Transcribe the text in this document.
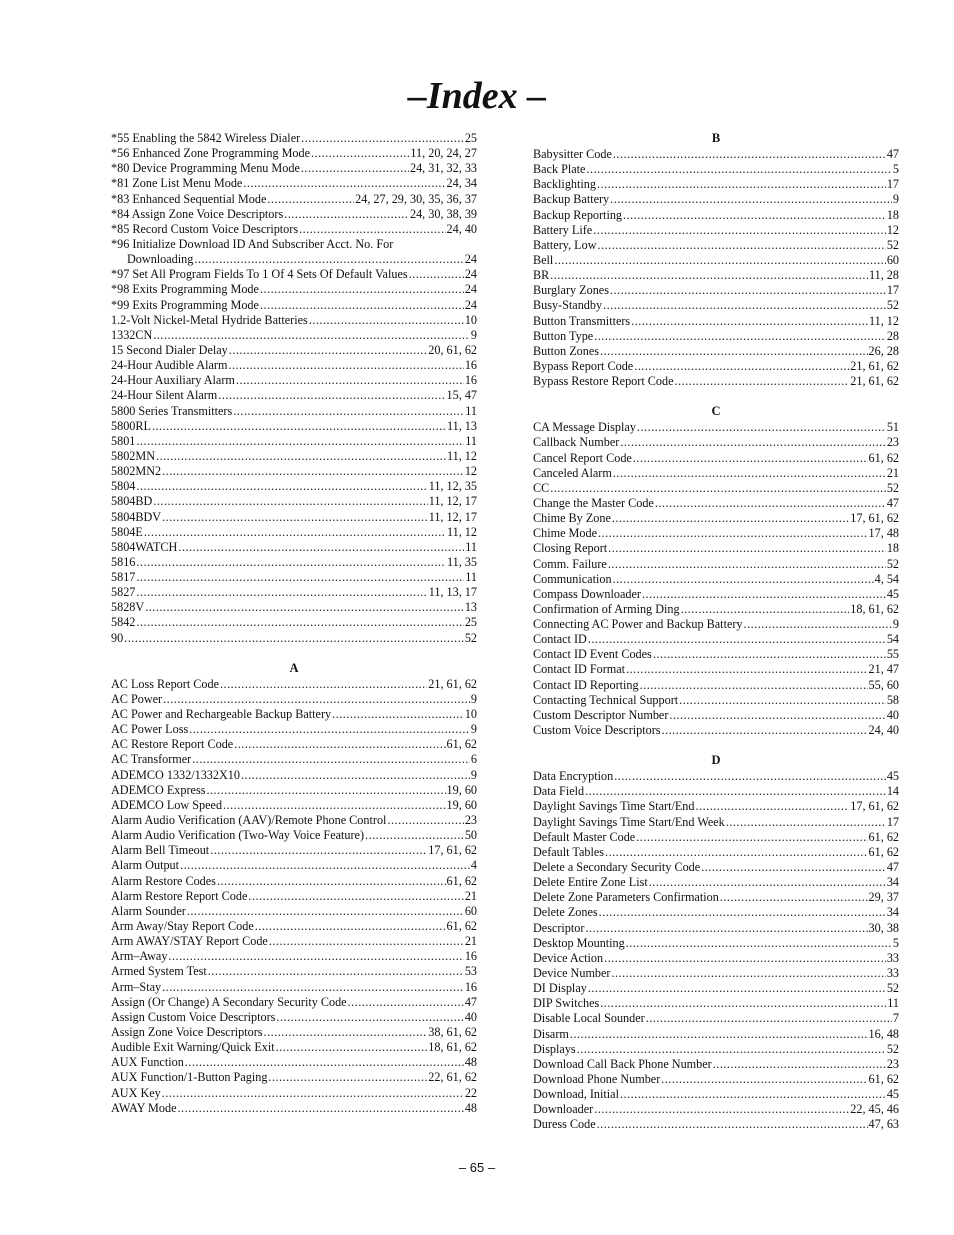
–Index –
*55 Enabling the 5842 Wireless Dialer .....	25
*56 Enhanced Zone Programming Mode .....	11, 20, 24, 27
*80 Device Programming Menu Mode .....	24, 31, 32, 33
*81 Zone List Menu Mode .....	24, 34
*83 Enhanced Sequential Mode .....	24, 27, 29, 30, 35, 36, 37
*84 Assign Zone Voice Descriptors .....	24, 30, 38, 39
*85 Record Custom Voice Descriptors .....	24, 40
*96 Initialize Download ID And Subscriber Acct. No. For
Downloading .....	24
*97 Set All Program Fields To 1 Of 4 Sets Of Default Values .....	24
*98 Exits Programming Mode .....	24
*99 Exits Programming Mode .....	24
1.2-Volt Nickel-Metal Hydride Batteries .....	10
1332CN .....	9
15 Second Dialer Delay .....	20, 61, 62
24-Hour Audible Alarm .....	16
24-Hour Auxiliary Alarm .....	16
24-Hour Silent Alarm .....	15, 47
5800 Series Transmitters .....	11
5800RL .....	11, 13
5801 .....	11
5802MN .....	11, 12
5802MN2 .....	12
5804 .....	11, 12, 35
5804BD .....	11, 12, 17
5804BDV .....	11, 12, 17
5804E .....	11, 12
5804WATCH .....	11
5816 .....	11, 35
5817 .....	11
5827 .....	11, 13, 17
5828V .....	13
5842 .....	25
90 .....	52
A
AC Loss Report Code .....	21, 61, 62
AC Power .....	9
AC Power and Rechargeable Backup Battery .....	10
AC Power Loss .....	9
AC Restore Report Code .....	61, 62
AC Transformer .....	6
ADEMCO 1332/1332X10 .....	9
ADEMCO Express .....	19, 60
ADEMCO Low Speed .....	19, 60
Alarm Audio Verification (AAV)/Remote Phone Control .....	23
Alarm Audio Verification (Two-Way Voice Feature) .....	50
Alarm Bell Timeout .....	17, 61, 62
Alarm Output .....	4
Alarm Restore Codes .....	61, 62
Alarm Restore Report Code .....	21
Alarm Sounder .....	60
Arm Away/Stay Report Code .....	61, 62
Arm AWAY/STAY Report Code .....	21
Arm–Away .....	16
Armed System Test .....	53
Arm–Stay .....	16
Assign (Or Change) A Secondary Security Code .....	47
Assign Custom Voice Descriptors .....	40
Assign Zone Voice Descriptors .....	38, 61, 62
Audible Exit Warning/Quick Exit .....	18, 61, 62
AUX Function .....	48
AUX Function/1-Button Paging .....	22, 61, 62
AUX Key .....	22
AWAY Mode .....	48
B
Babysitter Code .....	47
Back Plate .....	5
Backlighting .....	17
Backup Battery .....	9
Backup Reporting .....	18
Battery Life .....	12
Battery, Low .....	52
Bell .....	60
BR .....	11, 28
Burglary Zones .....	17
Busy-Standby .....	52
Button Transmitters .....	11, 12
Button Type .....	28
Button Zones .....	26, 28
Bypass Report Code .....	21, 61, 62
Bypass Restore Report Code .....	21, 61, 62
C
CA Message Display .....	51
Callback Number .....	23
Cancel Report Code .....	61, 62
Canceled Alarm .....	21
CC .....	52
Change the Master Code .....	47
Chime By Zone .....	17, 61, 62
Chime Mode .....	17, 48
Closing Report .....	18
Comm. Failure .....	52
Communication .....	4, 54
Compass Downloader .....	45
Confirmation of Arming Ding .....	18, 61, 62
Connecting AC Power and Backup Battery .....	9
Contact ID .....	54
Contact ID Event Codes .....	55
Contact ID Format .....	21, 47
Contact ID Reporting .....	55, 60
Contacting Technical Support .....	58
Custom Descriptor Number .....	40
Custom Voice Descriptors .....	24, 40
D
Data Encryption .....	45
Data Field .....	14
Daylight Savings Time Start/End .....	17, 61, 62
Daylight Savings Time Start/End Week .....	17
Default Master Code .....	61, 62
Default Tables .....	61, 62
Delete a Secondary Security Code .....	47
Delete Entire Zone List .....	34
Delete Zone Parameters Confirmation .....	29, 37
Delete Zones .....	34
Descriptor .....	30, 38
Desktop Mounting .....	5
Device Action .....	33
Device Number .....	33
DI Display .....	52
DIP Switches .....	11
Disable Local Sounder .....	7
Disarm .....	16, 48
Displays .....	52
Download Call Back Phone Number .....	23
Download Phone Number .....	61, 62
Download, Initial .....	45
Downloader .....	22, 45, 46
Duress Code .....	47, 63
– 65 –
